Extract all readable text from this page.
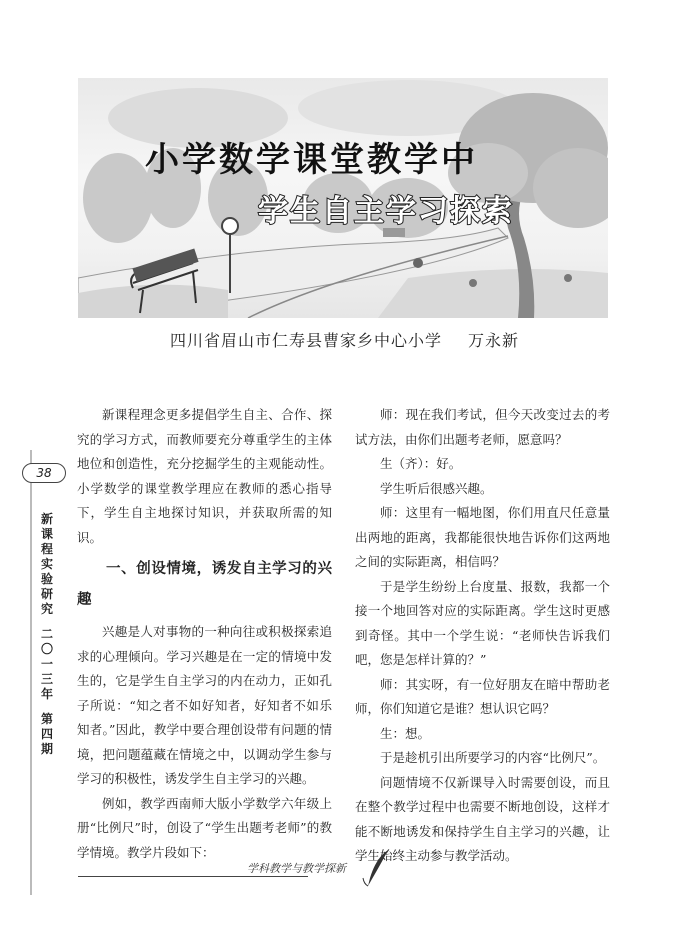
小学数学课堂教学中
学生自主学习探索
四川省眉山市仁寿县曹家乡中心小学 万永新
38
新课程实验研究
二〇一三年
第四期

新课程理念更多提倡学生自主、合作、探究的学习方式，而教师要充分尊重学生的主体地位和创造性，充分挖掘学生的主观能动性。小学数学的课堂教学理应在教师的悉心指导下，学生自主地探讨知识，并获取所需的知识。

一、创设情境，诱发自主学习的兴趣

兴趣是人对事物的一种向往或积极探索追求的心理倾向。学习兴趣是在一定的情境中发生的，它是学生自主学习的内在动力，正如孔子所说：“知之者不如好知者，好知者不如乐知者。”因此，教学中要合理创设带有问题的情境，把问题蕴藏在情境之中，以调动学生参与学习的积极性，诱发学生自主学习的兴趣。

例如，教学西南师大版小学数学六年级上册“比例尺”时，创设了“学生出题考老师”的教学情境。教学片段如下：

师：现在我们考试，但今天改变过去的考试方法，由你们出题考老师，愿意吗？

生（齐）：好。

学生听后很感兴趣。

师：这里有一幅地图，你们用直尺任意量出两地的距离，我都能很快地告诉你们这两地之间的实际距离，相信吗？

于是学生纷纷上台度量、报数，我都一个接一个地回答对应的实际距离。学生这时更感到奇怪。其中一个学生说：“老师快告诉我们吧，您是怎样计算的？”

师：其实呀，有一位好朋友在暗中帮助老师，你们知道它是谁？想认识它吗？

生：想。

于是趁机引出所要学习的内容“比例尺”。

问题情境不仅新课导入时需要创设，而且在整个教学过程中也需要不断地创设，这样才能不断地诱发和保持学生自主学习的兴趣，让学生始终主动参与教学活动。

学科教学与教学探新
